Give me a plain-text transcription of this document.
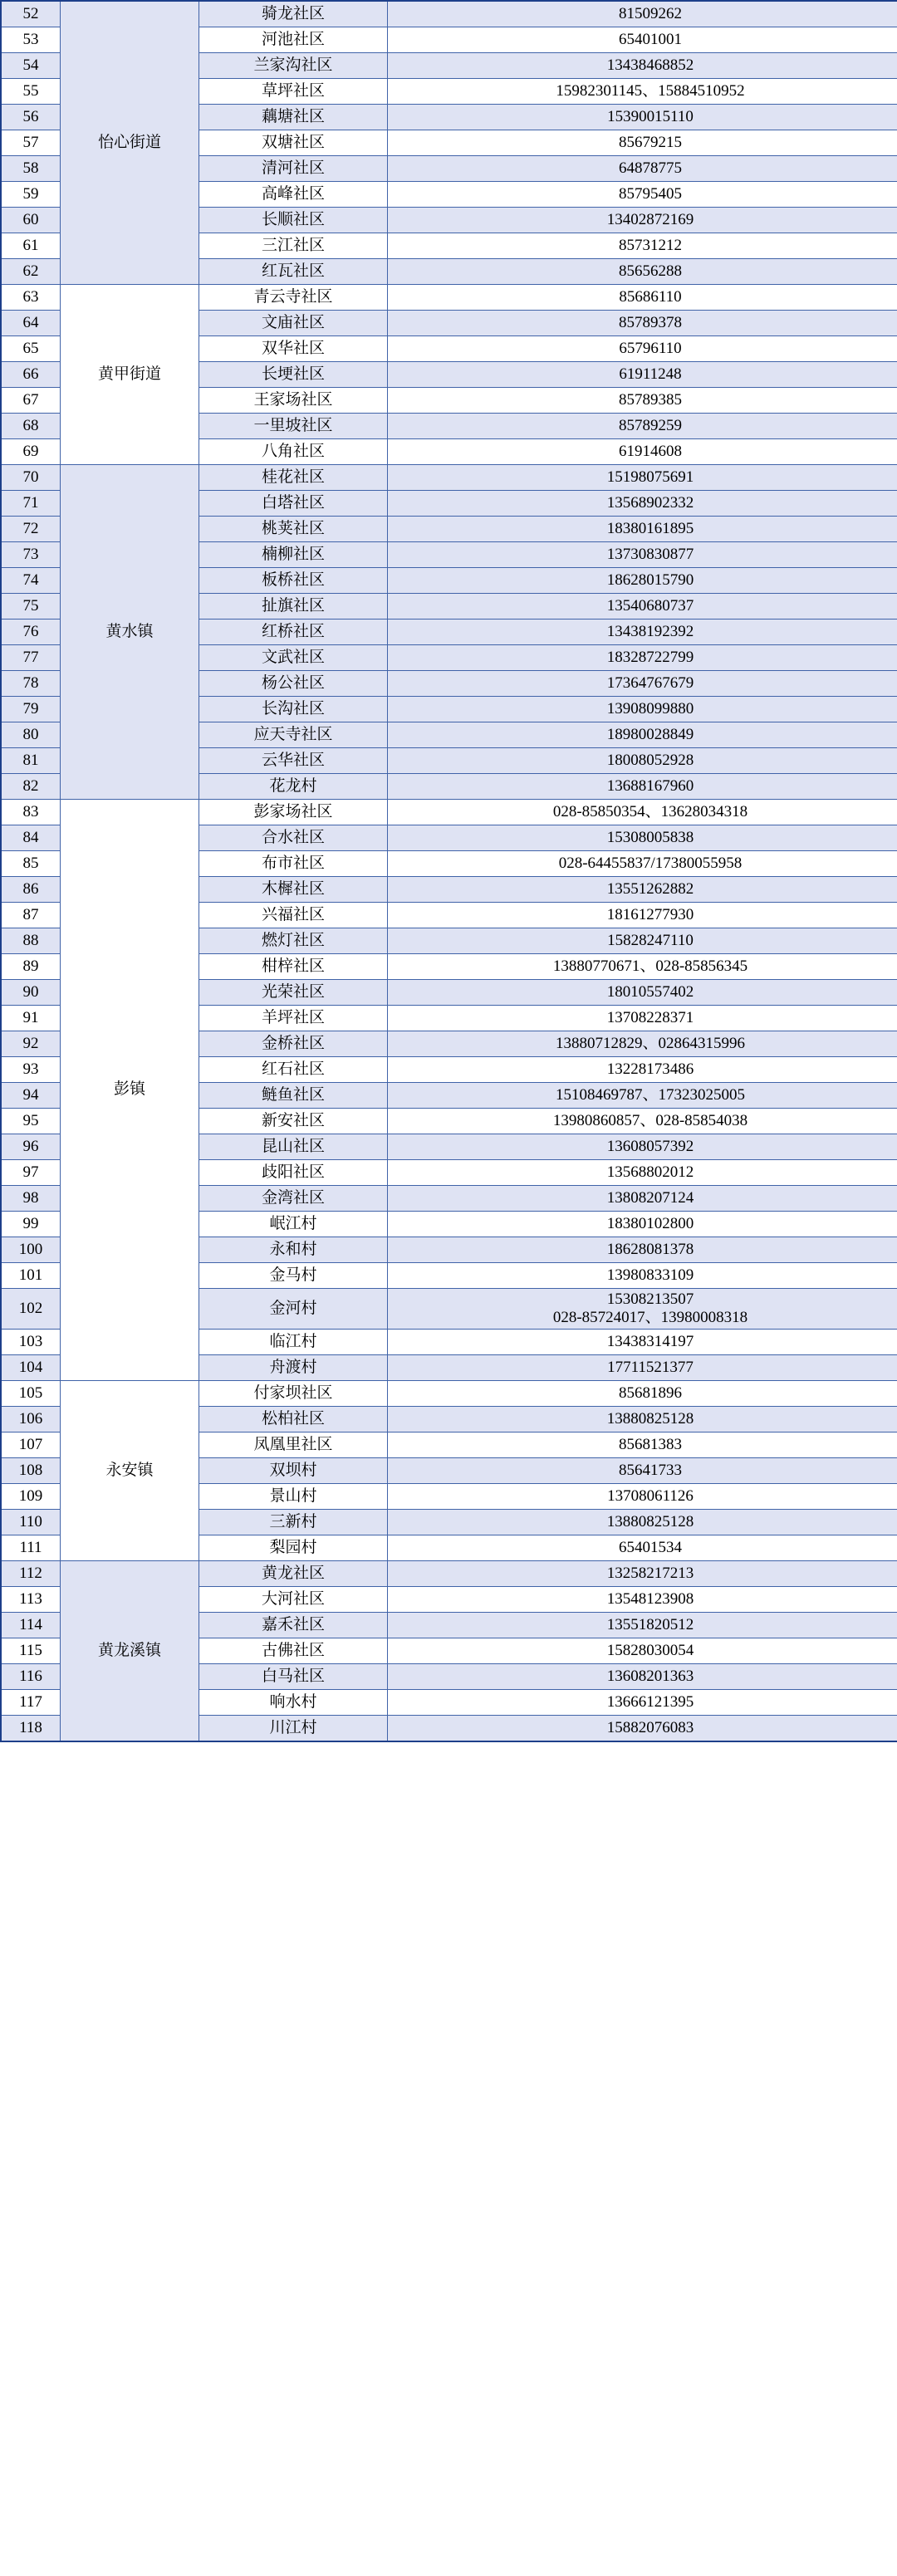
52	怡心街道	骑龙社区	81509262
53		河池社区	65401001
54		兰家沟社区	13438468852
55		草坪社区	15982301145、15884510952
56		藕塘社区	15390015110
57		双塘社区	85679215
58		清河社区	64878775
59		高峰社区	85795405
60		长顺社区	13402872169
61		三江社区	85731212
62		红瓦社区	85656288
63	黄甲街道	青云寺社区	85686110
64		文庙社区	85789378
65		双华社区	65796110
66		长埂社区	61911248
67		王家场社区	85789385
68		一里坡社区	85789259
69		八角社区	61914608
70	黄水镇	桂花社区	15198075691
71		白塔社区	13568902332
72		桃荚社区	18380161895
73		楠柳社区	13730830877
74		板桥社区	18628015790
75		扯旗社区	13540680737
76		红桥社区	13438192392
77		文武社区	18328722799
78		杨公社区	17364767679
79		长沟社区	13908099880
80		应天寺社区	18980028849
81		云华社区	18008052928
82		花龙村	13688167960
83	彭镇	彭家场社区	028-85850354、13628034318
84		合水社区	15308005838
85		布市社区	028-64455837/17380055958
86		木樨社区	13551262882
87		兴福社区	18161277930
88		燃灯社区	15828247110
89		柑梓社区	13880770671、028-85856345
90		光荣社区	18010557402
91		羊坪社区	13708228371
92		金桥社区	13880712829、02864315996
93		红石社区	13228173486
94		鲢鱼社区	15108469787、17323025005
95		新安社区	13980860857、028-85854038
96		昆山社区	13608057392
97		歧阳社区	13568802012
98		金湾社区	13808207124
99		岷江村	18380102800
100		永和村	18628081378
101		金马村	13980833109
102		金河村	15308213507
028-85724017、13980008318

103		临江村	13438314197
104		舟渡村	17711521377
105	永安镇	付家坝社区	85681896
106		松柏社区	13880825128
107		凤凰里社区	85681383
108		双坝村	85641733
109		景山村	13708061126
110		三新村	13880825128
111		梨园村	65401534
112	黄龙溪镇	黄龙社区	13258217213
113		大河社区	13548123908
114		嘉禾社区	13551820512
115		古佛社区	15828030054
116		白马社区	13608201363
117		响水村	13666121395
118		川江村	15882076083
